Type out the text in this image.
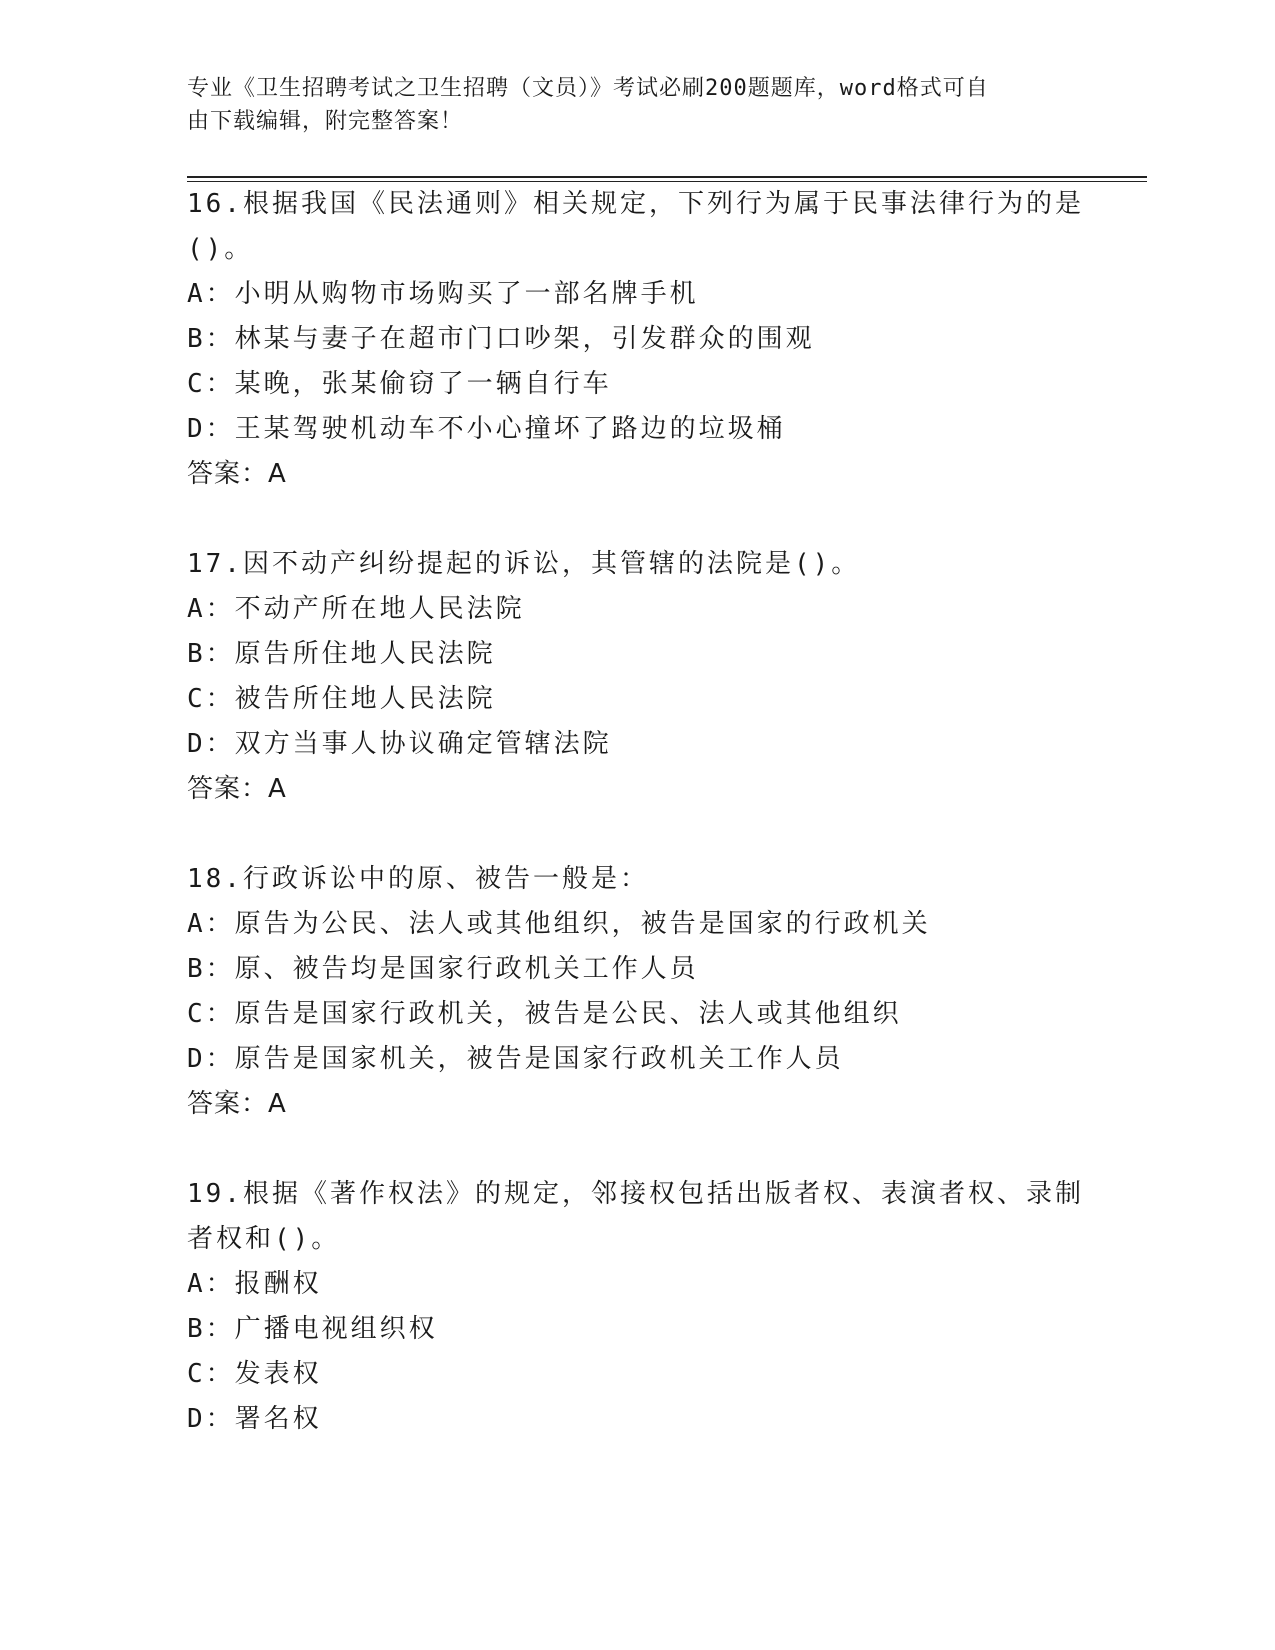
专业《卫生招聘考试之卫生招聘（文员）》考试必刷200题题库，word格式可自

由下载编辑，附完整答案！

16.根据我国《民法通则》相关规定，下列行为属于民事法律行为的是

()。

A：小明从购物市场购买了一部名牌手机

B：林某与妻子在超市门口吵架，引发群众的围观

C：某晚，张某偷窃了一辆自行车

D：王某驾驶机动车不小心撞坏了路边的垃圾桶

答案：A

17.因不动产纠纷提起的诉讼，其管辖的法院是()。

A：不动产所在地人民法院

B：原告所住地人民法院

C：被告所住地人民法院

D：双方当事人协议确定管辖法院

答案：A

18.行政诉讼中的原、被告一般是：

A：原告为公民、法人或其他组织，被告是国家的行政机关

B：原、被告均是国家行政机关工作人员

C：原告是国家行政机关，被告是公民、法人或其他组织

D：原告是国家机关，被告是国家行政机关工作人员

答案：A

19.根据《著作权法》的规定，邻接权包括出版者权、表演者权、录制

者权和()。

A：报酬权

B：广播电视组织权

C：发表权

D：署名权
